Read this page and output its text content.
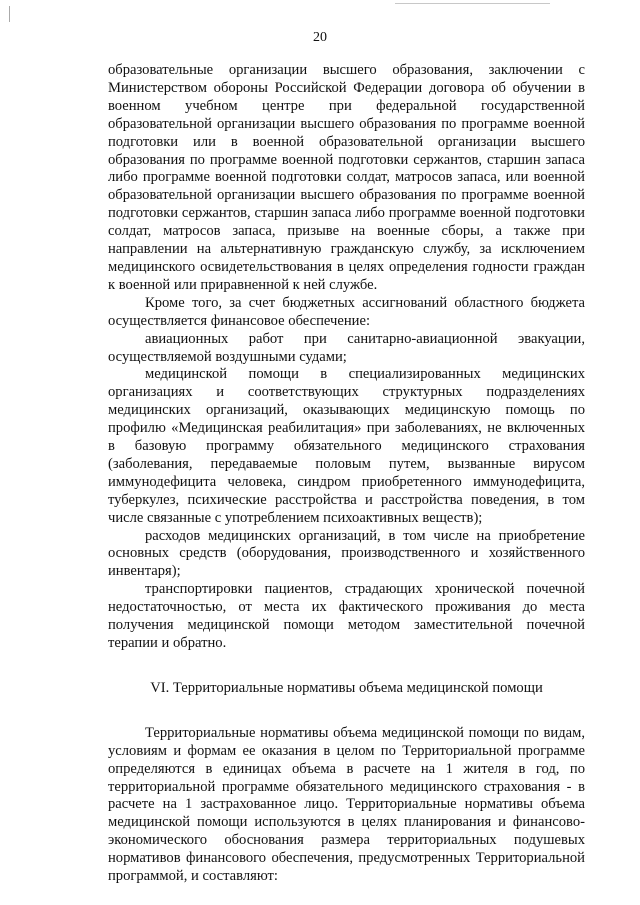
20

образовательные организации высшего образования, заключении с Министерством обороны Российской Федерации договора об обучении в военном учебном центре при федеральной государственной образовательной организации высшего образования по программе военной подготовки или в военной образовательной организации высшего образования по программе военной подготовки сержантов, старшин запаса либо программе военной подготовки солдат, матросов запаса, или военной образовательной организации высшего образования по программе военной подготовки сержантов, старшин запаса либо программе военной подготовки солдат, матросов запаса, призыве на военные сборы, а также при направлении на альтернативную гражданскую службу, за исключением медицинского освидетельствования в целях определения годности граждан к военной или приравненной к ней службе.

Кроме того, за счет бюджетных ассигнований областного бюджета осуществляется финансовое обеспечение:

авиационных работ при санитарно-авиационной эвакуации, осуществляемой воздушными судами;

медицинской помощи в специализированных медицинских организациях и соответствующих структурных подразделениях медицинских организаций, оказывающих медицинскую помощь по профилю «Медицинская реабилитация» при заболеваниях, не включенных в базовую программу обязательного медицинского страхования (заболевания, передаваемые половым путем, вызванные вирусом иммунодефицита человека, синдром приобретенного иммунодефицита, туберкулез, психические расстройства и расстройства поведения, в том числе связанные с употреблением психоактивных веществ);

расходов медицинских организаций, в том числе на приобретение основных средств (оборудования, производственного и хозяйственного инвентаря);

транспортировки пациентов, страдающих хронической почечной недостаточностью, от места их фактического проживания до места получения медицинской помощи методом заместительной почечной терапии и обратно.

VI. Территориальные нормативы объема медицинской помощи

Территориальные нормативы объема медицинской помощи по видам, условиям и формам ее оказания в целом по Территориальной программе определяются в единицах объема в расчете на 1 жителя в год, по территориальной программе обязательного медицинского страхования - в расчете на 1 застрахованное лицо. Территориальные нормативы объема медицинской помощи используются в целях планирования и финансово-экономического обоснования размера территориальных подушевых нормативов финансового обеспечения, предусмотренных Территориальной программой, и составляют:
